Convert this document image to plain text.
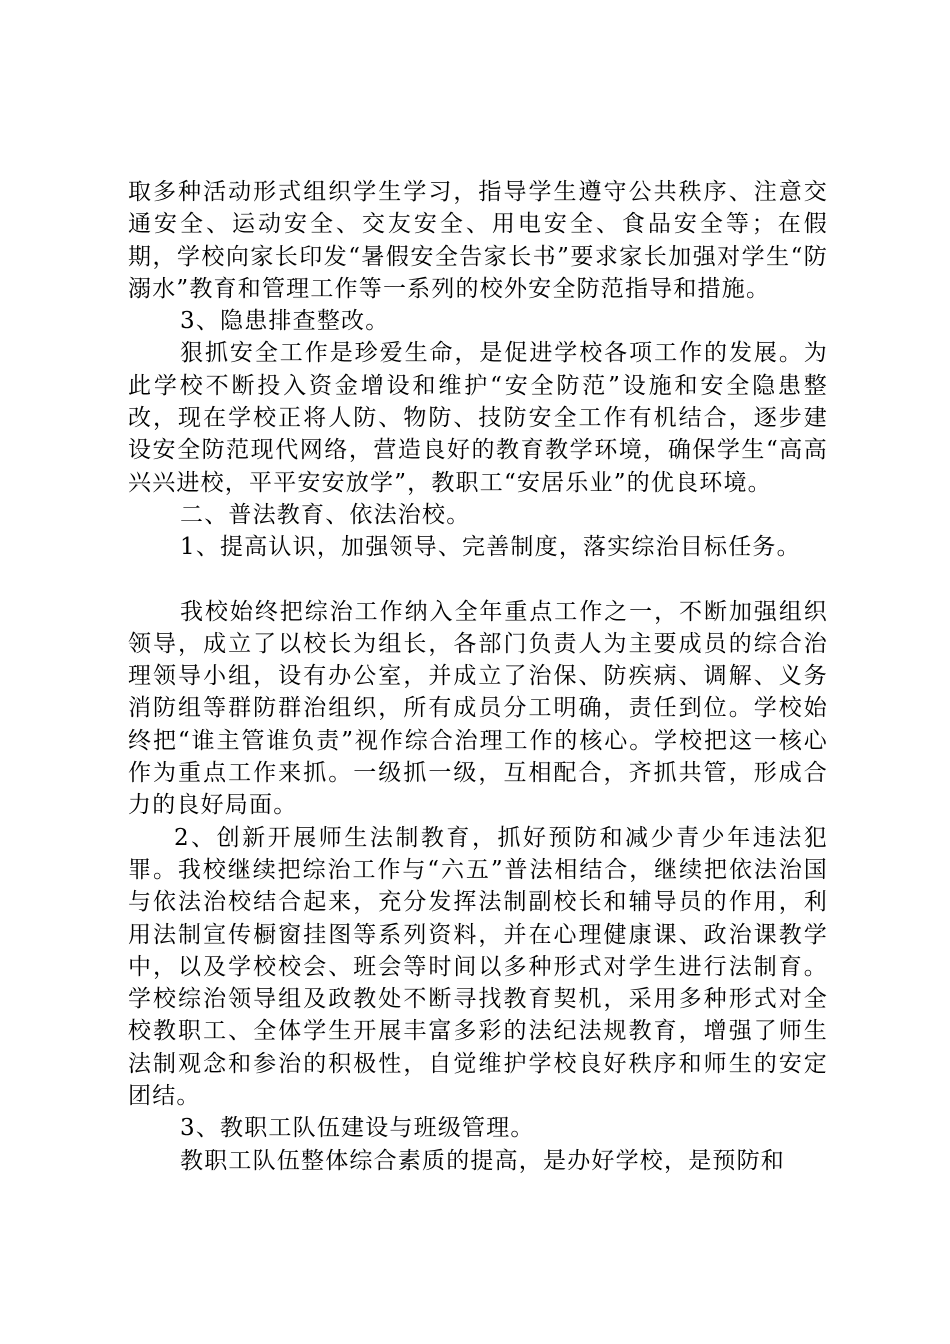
取多种活动形式组织学生学习，指导学生遵守公共秩序、注意交通安全、运动安全、交友安全、用电安全、食品安全等；在假期，学校向家长印发“暑假安全告家长书”要求家长加强对学生“防溺水”教育和管理工作等一系列的校外安全防范指导和措施。

3、隐患排查整改。

狠抓安全工作是珍爱生命，是促进学校各项工作的发展。为此学校不断投入资金增设和维护“安全防范”设施和安全隐患整改，现在学校正将人防、物防、技防安全工作有机结合，逐步建设安全防范现代网络，营造良好的教育教学环境，确保学生“高高兴兴进校，平平安安放学”，教职工“安居乐业”的优良环境。

二、普法教育、依法治校。

1、提高认识，加强领导、完善制度，落实综治目标任务。

我校始终把综治工作纳入全年重点工作之一，不断加强组织领导，成立了以校长为组长，各部门负责人为主要成员的综合治理领导小组，设有办公室，并成立了治保、防疾病、调解、义务消防组等群防群治组织，所有成员分工明确，责任到位。学校始终把“谁主管谁负责”视作综合治理工作的核心。学校把这一核心作为重点工作来抓。一级抓一级，互相配合，齐抓共管，形成合力的良好局面。

2、创新开展师生法制教育，抓好预防和减少青少年违法犯罪。我校继续把综治工作与“六五”普法相结合，继续把依法治国与依法治校结合起来，充分发挥法制副校长和辅导员的作用，利用法制宣传橱窗挂图等系列资料，并在心理健康课、政治课教学中，以及学校校会、班会等时间以多种形式对学生进行法制育。学校综治领导组及政教处不断寻找教育契机，采用多种形式对全校教职工、全体学生开展丰富多彩的法纪法规教育，增强了师生法制观念和参治的积极性，自觉维护学校良好秩序和师生的安定团结。

3、教职工队伍建设与班级管理。

教职工队伍整体综合素质的提高，是办好学校，是预防和
